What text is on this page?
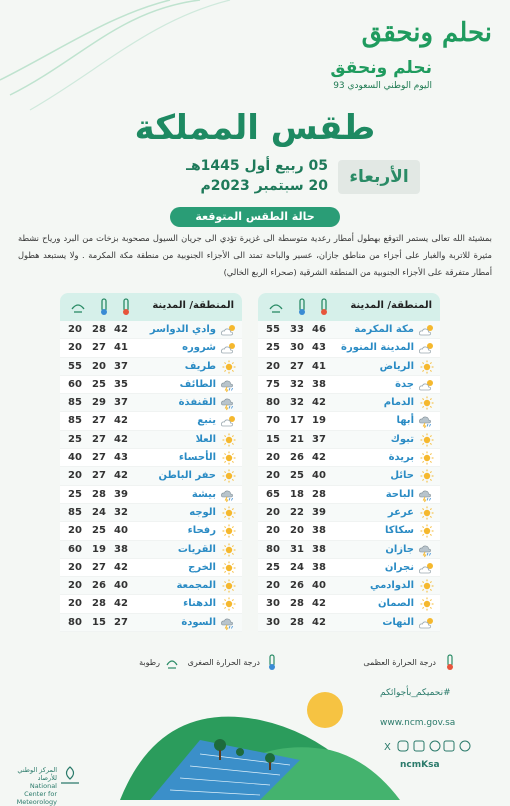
نحلم ونحقق
نحلم ونحقق
اليوم الوطني السعودي 93
طقس المملكة
الأربعاء
05 ربيع أول 1445هـ
20 سبتمبر 2023م
حالة الطقس المتوقعة
بمشيئة الله تعالى يستمر التوقع بهطول أمطار رعدية متوسطة الى غزيرة تؤدي الى جريان السيول مصحوبة بزخات من البرد ورياح نشطة مثيرة للاتربة والغبار على أجزاء من مناطق جازان، عسير والباحة تمتد الى الأجزاء الجنوبية من منطقة مكة المكرمة . ولا يستبعد هطول أمطار متفرقة على الأجزاء الجنوبية من المنطقة الشرقية (صحراء الربع الخالي)
المنطقة/ المدينة
مكة المكرمة
46
33
55
المدينة المنورة
43
30
25
الرياض
41
27
20
جدة
38
32
75
الدمام
42
32
80
أبها
19
17
70
تبوك
37
21
15
بريدة
42
26
20
حائل
40
25
20
الباحة
28
18
65
عرعر
39
22
20
سكاكا
38
20
20
جازان
38
31
80
نجران
38
24
25
الدوادمي
40
26
20
الصمان
42
28
30
النهات
42
28
30
المنطقة/ المدينة
وادي الدواسر
42
28
20
شروره
41
27
20
طريف
37
20
55
الطائف
35
25
60
القنفذة
37
29
85
ينبع
42
27
85
العلا
42
27
25
الأحساء
43
27
40
حفر الباطن
42
27
20
بيشة
39
28
25
الوجه
32
24
85
رفحاء
40
25
20
القريات
38
19
60
الخرج
42
27
20
المجمعة
40
26
20
الدهناء
42
28
20
السودة
27
15
80
درجة الحرارة العظمى
درجة الحرارة الصغرى
رطوبة
#نحميكم_بأجوائكم
www.ncm.gov.sa
X
ncmKsa
المركز الوطني للأرصاد National Center for Meteorology
